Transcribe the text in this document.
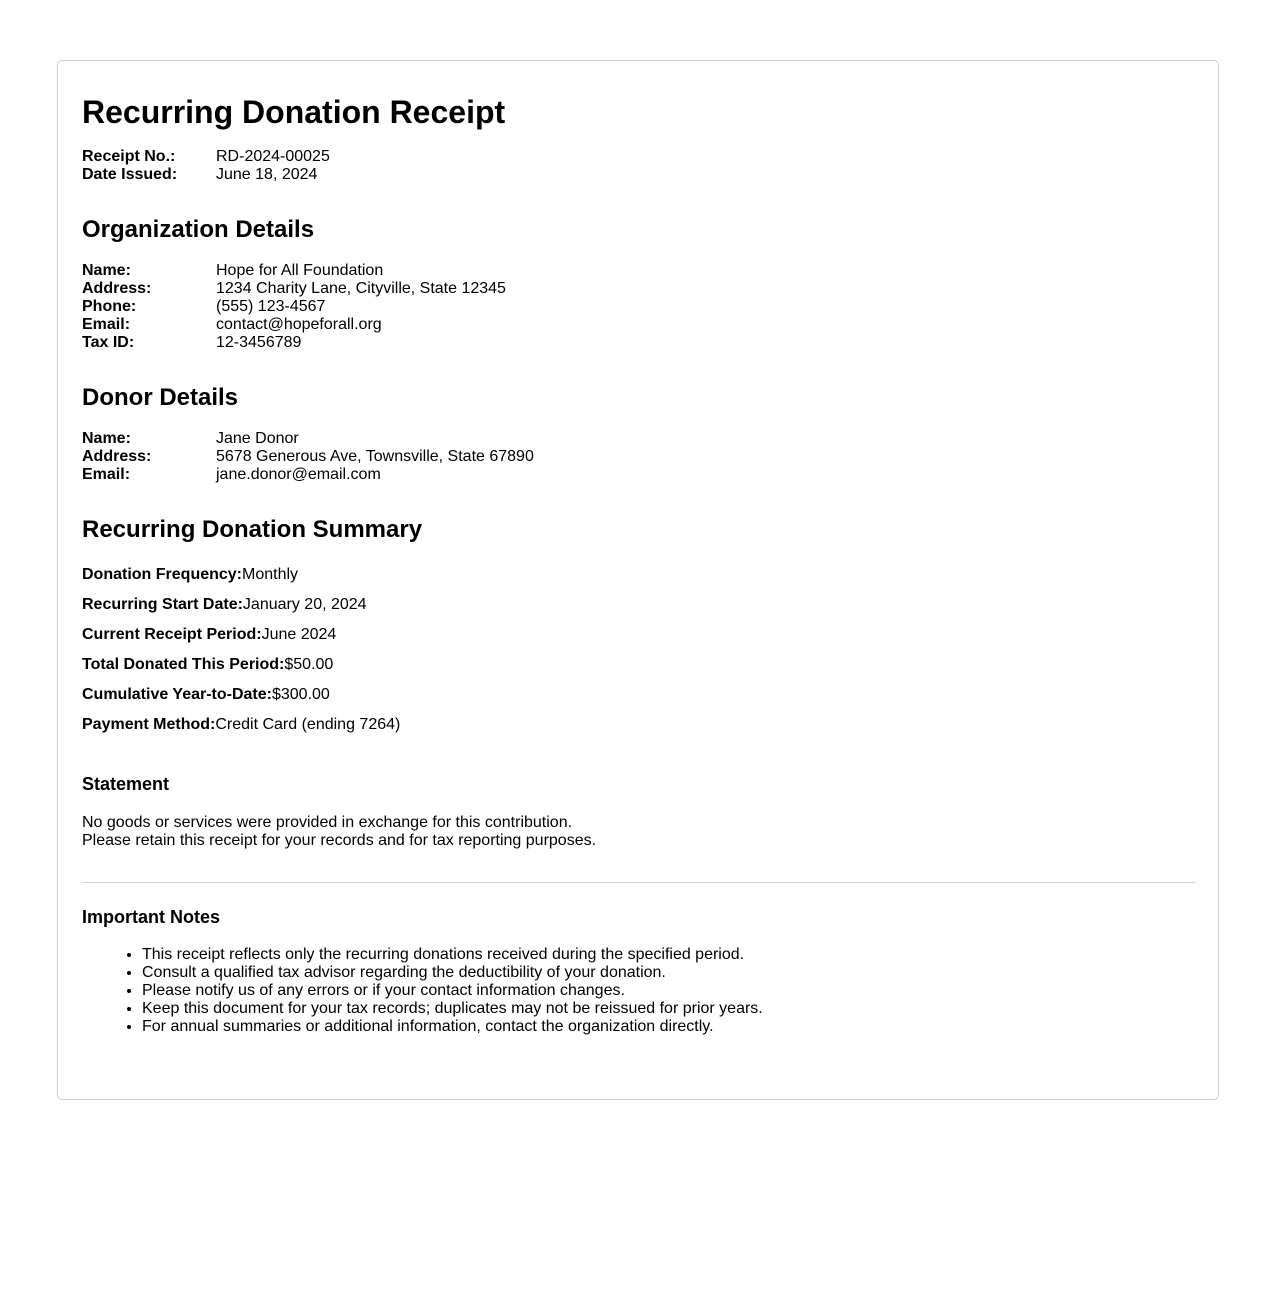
Recurring Donation Receipt
Receipt No.:	RD-2024-00025
Date Issued:	June 18, 2024
Organization Details
Name:	Hope for All Foundation
Address:	1234 Charity Lane, Cityville, State 12345
Phone:	(555) 123-4567
Email:	contact@hopeforall.org
Tax ID:	12-3456789
Donor Details
Name:	Jane Donor
Address:	5678 Generous Ave, Townsville, State 67890
Email:	jane.donor@email.com
Recurring Donation Summary
Donation Frequency:Monthly
Recurring Start Date:January 20, 2024
Current Receipt Period:June 2024
Total Donated This Period:$50.00
Cumulative Year-to-Date:$300.00
Payment Method:Credit Card (ending 7264)
Statement
No goods or services were provided in exchange for this contribution.
Please retain this receipt for your records and for tax reporting purposes.
Important Notes
• This receipt reflects only the recurring donations received during the specified period.
• Consult a qualified tax advisor regarding the deductibility of your donation.
• Please notify us of any errors or if your contact information changes.
• Keep this document for your tax records; duplicates may not be reissued for prior years.
• For annual summaries or additional information, contact the organization directly.
